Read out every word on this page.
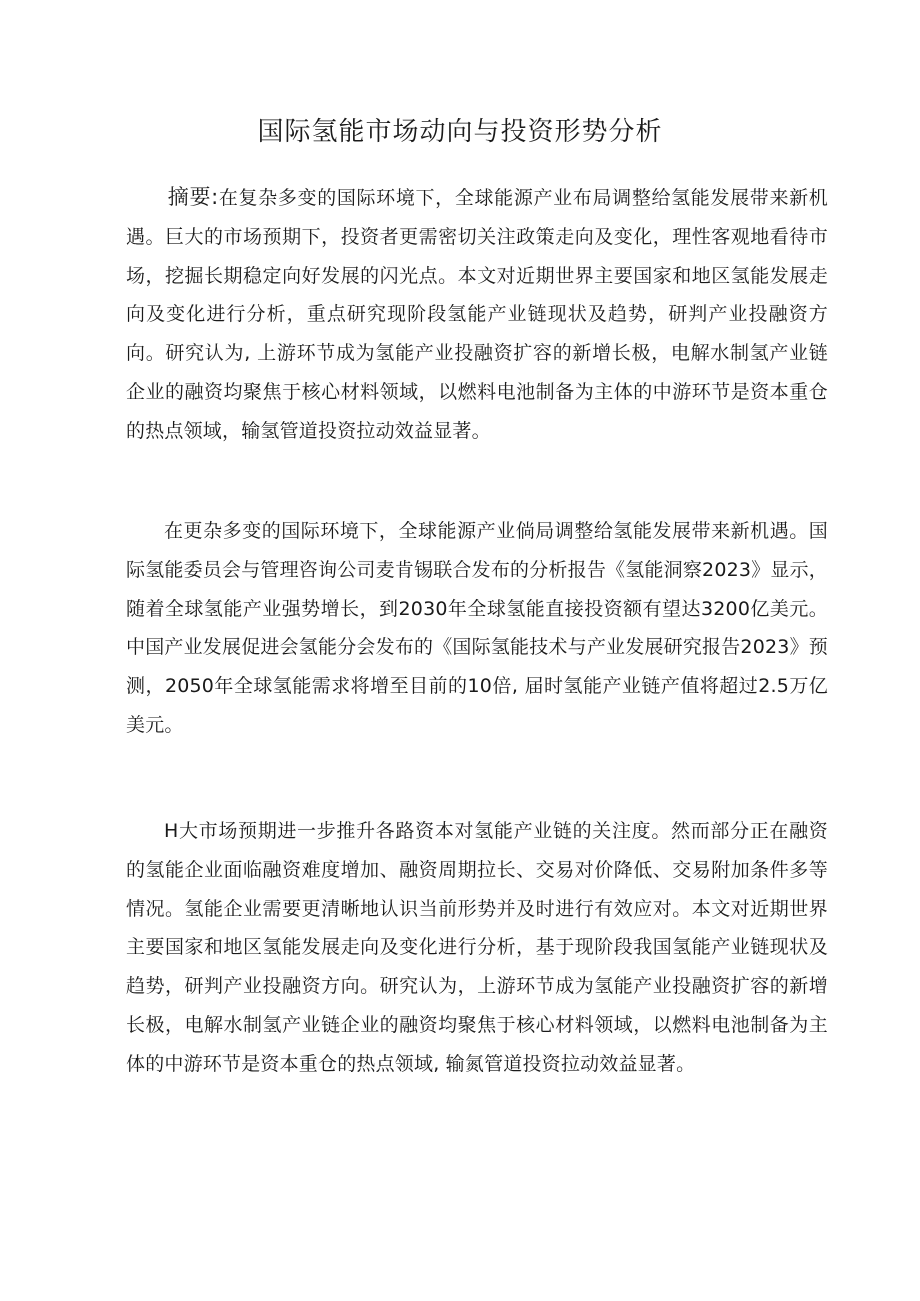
国际氢能市场动向与投资形势分析

摘要:在复杂多变的国际环境下，全球能源产业布局调整给氢能发展带来新机遇。巨大的市场预期下，投资者更需密切关注政策走向及变化，理性客观地看待市场，挖掘长期稳定向好发展的闪光点。本文对近期世界主要国家和地区氢能发展走向及变化进行分析，重点研究现阶段氢能产业链现状及趋势，研判产业投融资方向。研究认为, 上游环节成为氢能产业投融资扩容的新增长极，电解水制氢产业链企业的融资均聚焦于核心材料领域，以燃料电池制备为主体的中游环节是资本重仓的热点领域，输氢管道投资拉动效益显著。

在更杂多变的国际环境下，全球能源产业倘局调整给氢能发展带来新机遇。国际氢能委员会与管理咨询公司麦肯锡联合发布的分析报告《氢能洞察2023》显示，随着全球氢能产业强势增长，到2030年全球氢能直接投资额有望达3200亿美元。中国产业发展促进会氢能分会发布的《国际氢能技术与产业发展研究报告2023》预测，2050年全球氢能需求将增至目前的10倍, 届时氢能产业链产值将超过2.5万亿美元。

H大市场预期进一步推升各路资本对氢能产业链的关注度。然而部分正在融资的氢能企业面临融资难度增加、融资周期拉长、交易对价降低、交易附加条件多等情况。氢能企业需要更清晰地认识当前形势并及时进行有效应对。本文对近期世界主要国家和地区氢能发展走向及变化进行分析，基于现阶段我国氢能产业链现状及趋势，研判产业投融资方向。研究认为，上游环节成为氢能产业投融资扩容的新增长极，电解水制氢产业链企业的融资均聚焦于核心材料领域，以燃料电池制备为主体的中游环节是资本重仓的热点领域, 输氮管道投资拉动效益显著。
